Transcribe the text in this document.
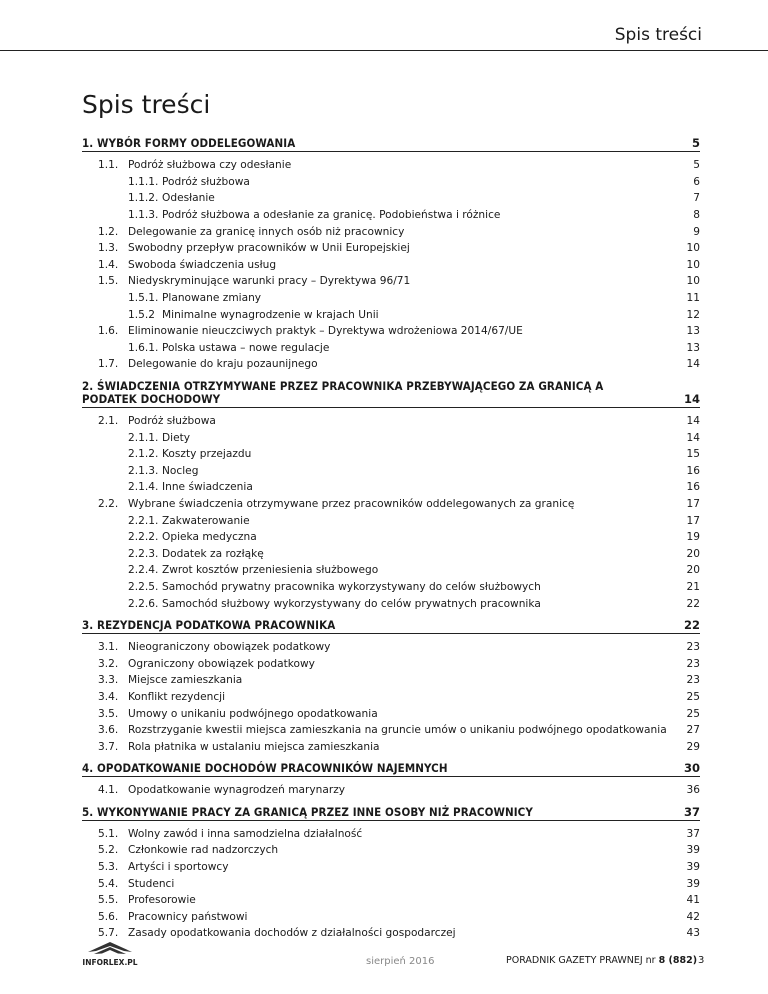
Spis treści
Spis treści
1. WYBÓR FORMY ODDELEGOWANIA	5
1.1. Podróż służbowa czy odesłanie	5
1.1.1. Podróż służbowa	6
1.1.2. Odesłanie	7
1.1.3. Podróż służbowa a odesłanie za granicę. Podobieństwa i różnice	8
1.2. Delegowanie za granicę innych osób niż pracownicy	9
1.3. Swobodny przepływ pracowników w Unii Europejskiej	10
1.4. Swoboda świadczenia usług	10
1.5. Niedyskryminujące warunki pracy – Dyrektywa 96/71	10
1.5.1. Planowane zmiany	11
1.5.2 Minimalne wynagrodzenie w krajach Unii	12
1.6. Eliminowanie nieuczciwych praktyk – Dyrektywa wdrożeniowa 2014/67/UE	13
1.6.1. Polska ustawa – nowe regulacje	13
1.7. Delegowanie do kraju pozaunijnego	14
2. ŚWIADCZENIA OTRZYMYWANE PRZEZ PRACOWNIKA PRZEBYWAJĄCEGO ZA GRANICĄ A PODATEK DOCHODOWY	14
2.1. Podróż służbowa	14
2.1.1. Diety	14
2.1.2. Koszty przejazdu	15
2.1.3. Nocleg	16
2.1.4. Inne świadczenia	16
2.2. Wybrane świadczenia otrzymywane przez pracowników oddelegowanych za granicę	17
2.2.1. Zakwaterowanie	17
2.2.2. Opieka medyczna	19
2.2.3. Dodatek za rozłąkę	20
2.2.4. Zwrot kosztów przeniesienia służbowego	20
2.2.5. Samochód prywatny pracownika wykorzystywany do celów służbowych	21
2.2.6. Samochód służbowy wykorzystywany do celów prywatnych pracownika	22
3. REZYDENCJA PODATKOWA PRACOWNIKA	22
3.1. Nieograniczony obowiązek podatkowy	23
3.2. Ograniczony obowiązek podatkowy	23
3.3. Miejsce zamieszkania	23
3.4. Konflikt rezydencji	25
3.5. Umowy o unikaniu podwójnego opodatkowania	25
3.6. Rozstrzyganie kwestii miejsca zamieszkania na gruncie umów o unikaniu podwójnego opodatkowania 27
3.7. Rola płatnika w ustalaniu miejsca zamieszkania	29
4. OPODATKOWANIE DOCHODÓW PRACOWNIKÓW NAJEMNYCH	30
4.1. Opodatkowanie wynagrodzeń marynarzy	36
5. WYKONYWANIE PRACY ZA GRANICĄ PRZEZ INNE OSOBY NIŻ PRACOWNICY	37
5.1. Wolny zawód i inna samodzielna działalność	37
5.2. Członkowie rad nadzorczych	39
5.3. Artyści i sportowcy	39
5.4. Studenci	39
5.5. Profesorowie	41
5.6. Pracownicy państwowi	42
5.7. Zasady opodatkowania dochodów z działalności gospodarczej	43
INFORLEX.PL	sierpień 2016	PORADNIK GAZETY PRAWNEJ nr 8 (882) 3
